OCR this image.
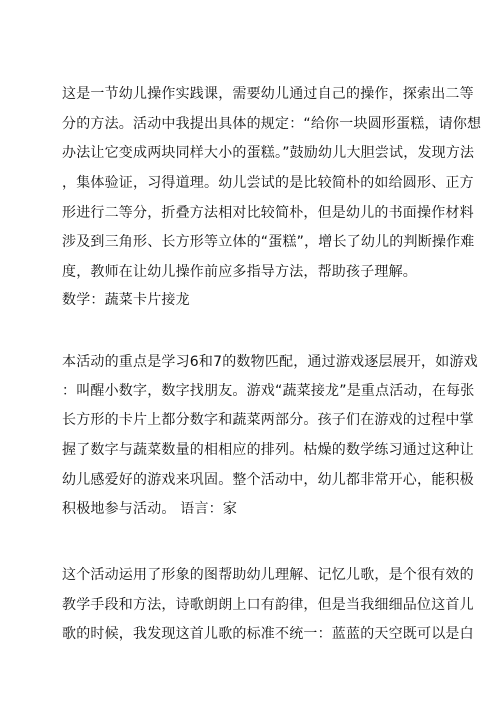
这是一节幼儿操作实践课，需要幼儿通过自己的操作，探索出二等
分的方法。活动中我提出具体的规定：“给你一块圆形蛋糕，请你想
办法让它变成两块同样大小的蛋糕。”鼓励幼儿大胆尝试，发现方法
，集体验证，习得道理。幼儿尝试的是比较简朴的如给圆形、正方
形进行二等分，折叠方法相对比较简朴，但是幼儿的书面操作材料
涉及到三角形、长方形等立体的“蛋糕”，增长了幼儿的判断操作难
度，教师在让幼儿操作前应多指导方法，帮助孩子理解。
数学：蔬菜卡片接龙
本活动的重点是学习6和7的数物匹配，通过游戏逐层展开，如游戏
：叫醒小数字，数字找朋友。游戏“蔬菜接龙”是重点活动，在每张
长方形的卡片上都分数字和蔬菜两部分。孩子们在游戏的过程中掌
握了数字与蔬菜数量的相相应的排列。枯燥的数学练习通过这种让
幼儿感爱好的游戏来巩固。整个活动中，幼儿都非常开心，能积极
积极地参与活动。 语言：家
这个活动运用了形象的图帮助幼儿理解、记忆儿歌，是个很有效的
教学手段和方法，诗歌朗朗上口有韵律，但是当我细细品位这首儿
歌的时候，我发现这首儿歌的标准不统一：蓝蓝的天空既可以是白
